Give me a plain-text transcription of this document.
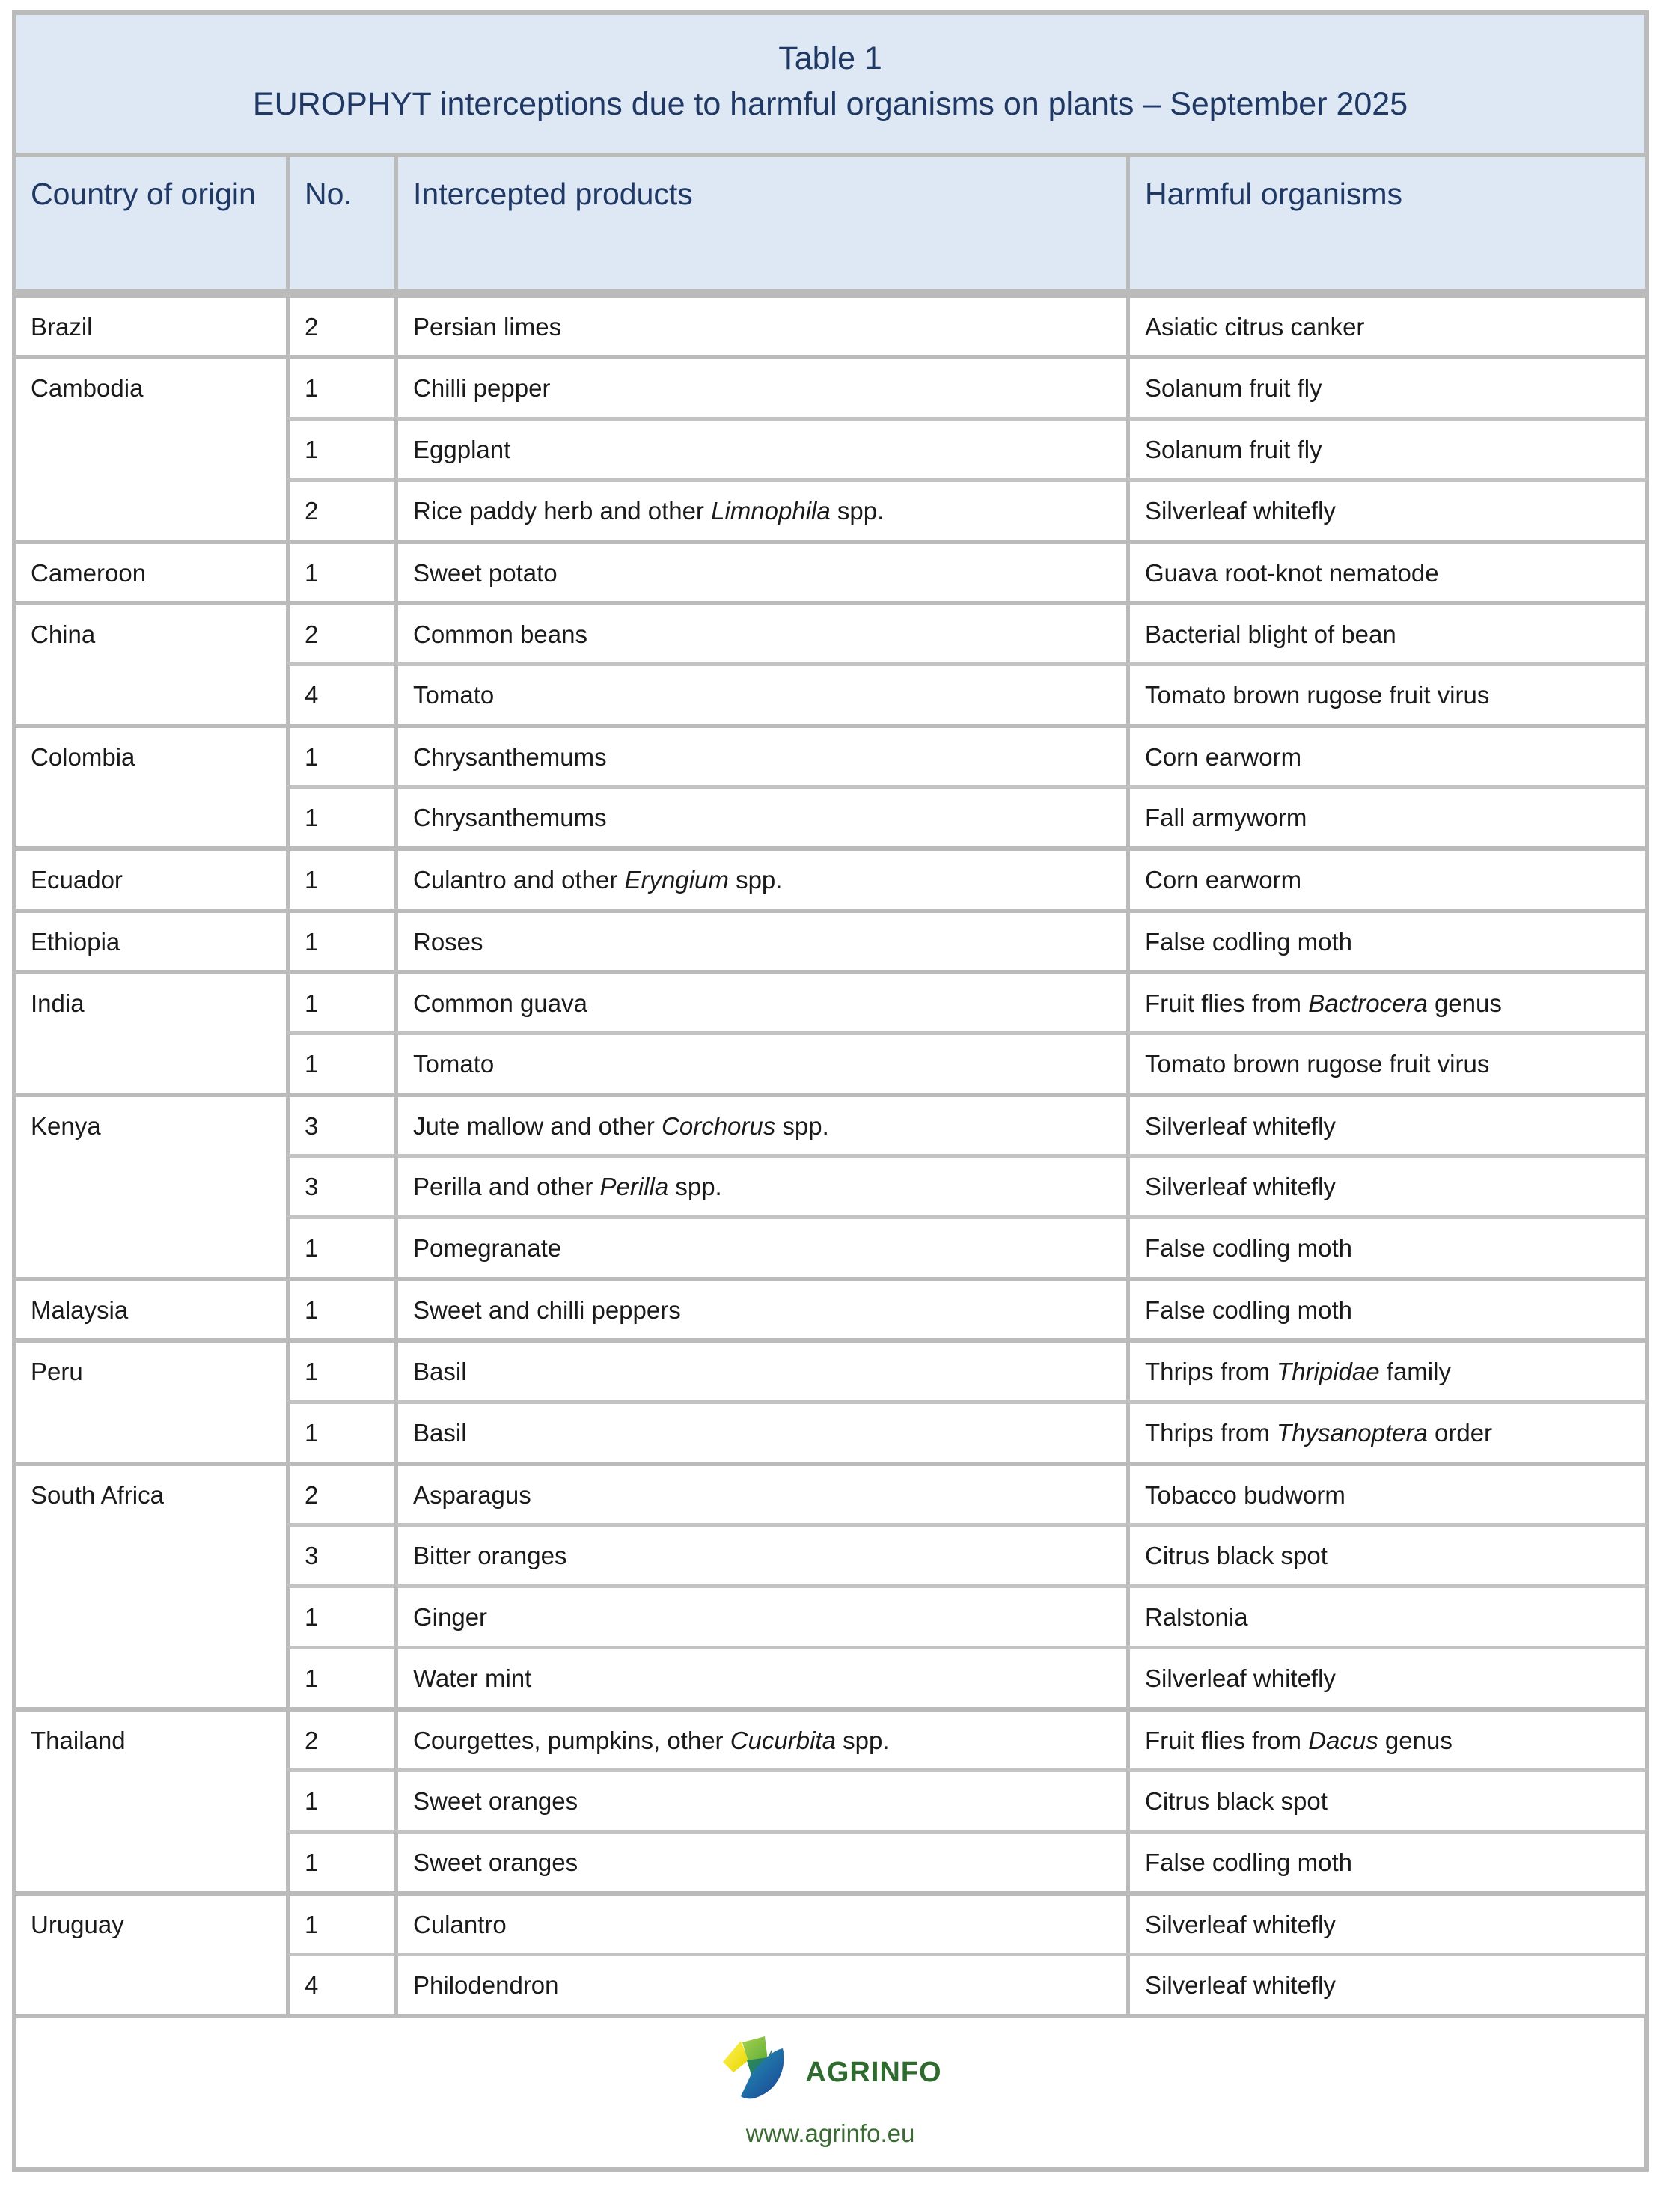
Table 1
EUROPHYT interceptions due to harmful organisms on plants – September 2025			

Country of origin	No.	Intercepted products	Harmful organisms
Brazil	2	Persian limes	Asiatic citrus canker
Cambodia	1	Chilli pepper	Solanum fruit fly
	1	Eggplant	Solanum fruit fly
	2	Rice paddy herb and other Limnophila spp.	Silverleaf whitefly
Cameroon	1	Sweet potato	Guava root-knot nematode
China	2	Common beans	Bacterial blight of bean
	4	Tomato	Tomato brown rugose fruit virus
Colombia	1	Chrysanthemums	Corn earworm
	1	Chrysanthemums	Fall armyworm
Ecuador	1	Culantro and other Eryngium spp.	Corn earworm
Ethiopia	1	Roses	False codling moth
India	1	Common guava	Fruit flies from Bactrocera genus
	1	Tomato	Tomato brown rugose fruit virus
Kenya	3	Jute mallow and other Corchorus spp.	Silverleaf whitefly
	3	Perilla and other Perilla spp.	Silverleaf whitefly
	1	Pomegranate	False codling moth
Malaysia	1	Sweet and chilli peppers	False codling moth
Peru	1	Basil	Thrips from Thripidae family
	1	Basil	Thrips from Thysanoptera order
South Africa	2	Asparagus	Tobacco budworm
	3	Bitter oranges	Citrus black spot
	1	Ginger	Ralstonia
	1	Water mint	Silverleaf whitefly
Thailand	2	Courgettes, pumpkins, other Cucurbita spp.	Fruit flies from Dacus genus
	1	Sweet oranges	Citrus black spot
	1	Sweet oranges	False codling moth
Uruguay	1	Culantro	Silverleaf whitefly
	4	Philodendron	Silverleaf whitefly

AGRINFO
www.agrinfo.eu			
